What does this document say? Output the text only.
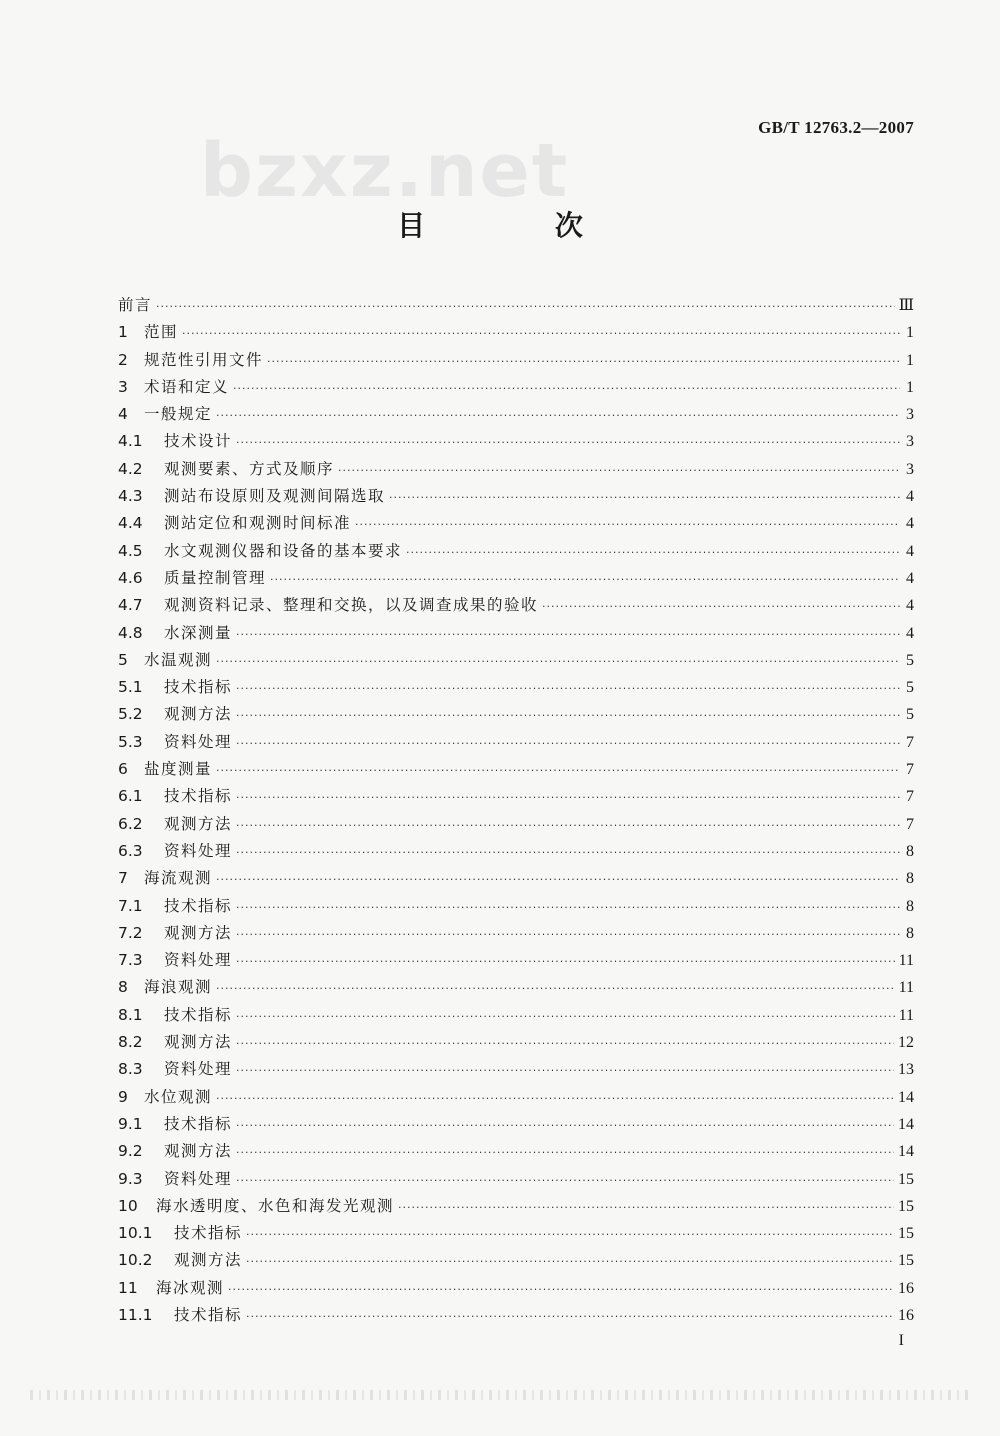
bzxz.net
GB/T 12763.2—2007
目 次
前言 ·····	Ⅲ
1	范围 ·····	1
2	规范性引用文件 ·····	1
3	术语和定义 ·····	1
4	一般规定 ·····	3
4.1	技术设计 ·····	3
4.2	观测要素、方式及顺序 ·····	3
4.3	测站布设原则及观测间隔选取 ·····	4
4.4	测站定位和观测时间标准 ·····	4
4.5	水文观测仪器和设备的基本要求 ·····	4
4.6	质量控制管理 ·····	4
4.7	观测资料记录、整理和交换，以及调查成果的验收 ·····	4
4.8	水深测量 ·····	4
5	水温观测 ·····	5
5.1	技术指标 ·····	5
5.2	观测方法 ·····	5
5.3	资料处理 ·····	7
6	盐度测量 ·····	7
6.1	技术指标 ·····	7
6.2	观测方法 ·····	7
6.3	资料处理 ·····	8
7	海流观测 ·····	8
7.1	技术指标 ·····	8
7.2	观测方法 ·····	8
7.3	资料处理 ·····	11
8	海浪观测 ·····	11
8.1	技术指标 ·····	11
8.2	观测方法 ·····	12
8.3	资料处理 ·····	13
9	水位观测 ·····	14
9.1	技术指标 ·····	14
9.2	观测方法 ·····	14
9.3	资料处理 ·····	15
10	海水透明度、水色和海发光观测 ·····	15
10.1	技术指标 ·····	15
10.2	观测方法 ·····	15
11	海冰观测 ·····	16
11.1	技术指标 ·····	16
I
